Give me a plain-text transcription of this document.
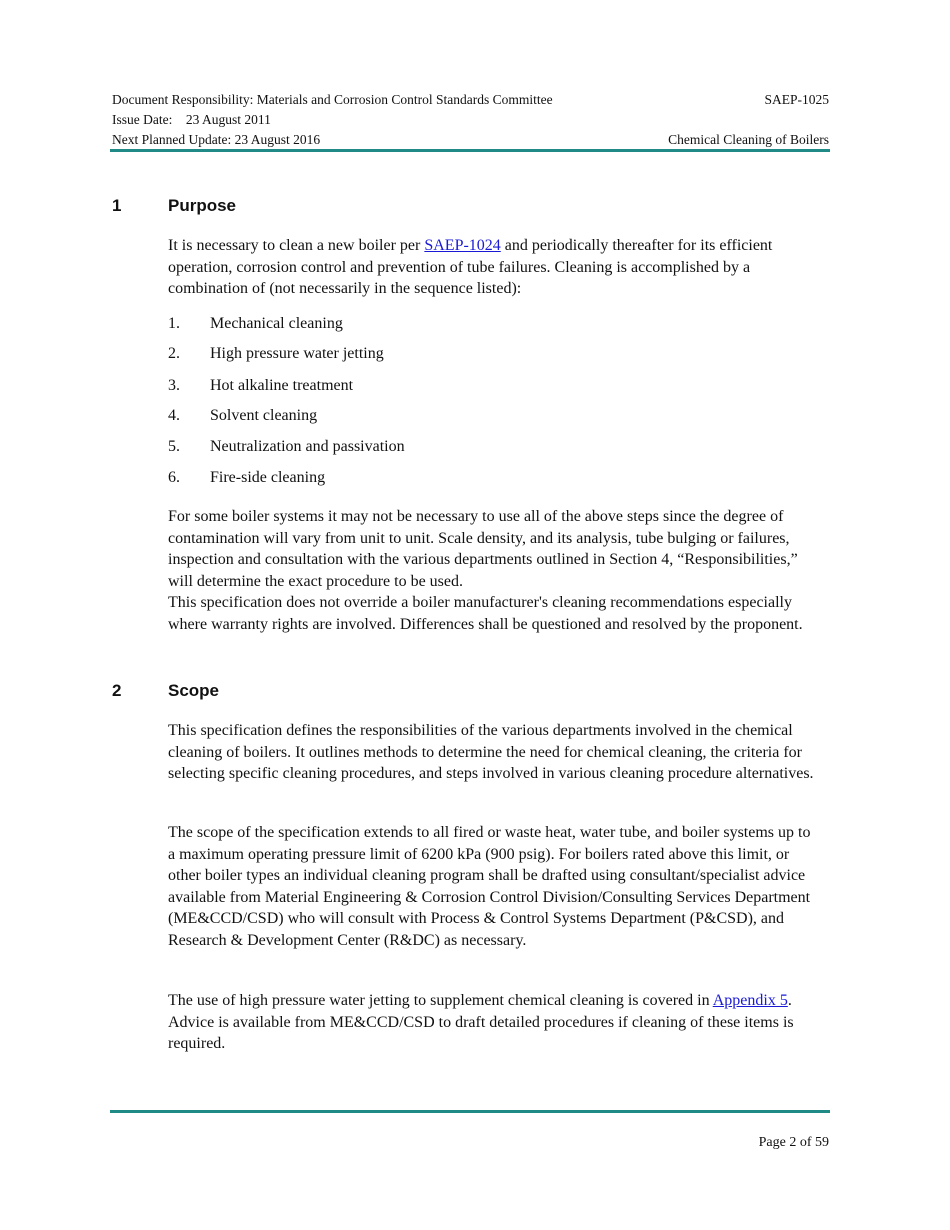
Document Responsibility: Materials and Corrosion Control Standards Committee	SAEP-1025
Issue Date:    23 August 2011
Next Planned Update: 23 August 2016	Chemical Cleaning of Boilers
1	Purpose
It is necessary to clean a new boiler per SAEP-1024 and periodically thereafter for its efficient operation, corrosion control and prevention of tube failures. Cleaning is accomplished by a combination of (not necessarily in the sequence listed):
1. Mechanical cleaning
2. High pressure water jetting
3. Hot alkaline treatment
4. Solvent cleaning
5. Neutralization and passivation
6. Fire-side cleaning
For some boiler systems it may not be necessary to use all of the above steps since the degree of contamination will vary from unit to unit. Scale density, and its analysis, tube bulging or failures, inspection and consultation with the various departments outlined in Section 4, “Responsibilities,” will determine the exact procedure to be used.
This specification does not override a boiler manufacturer's cleaning recommendations especially where warranty rights are involved. Differences shall be questioned and resolved by the proponent.
2	Scope
This specification defines the responsibilities of the various departments involved in the chemical cleaning of boilers. It outlines methods to determine the need for chemical cleaning, the criteria for selecting specific cleaning procedures, and steps involved in various cleaning procedure alternatives.
The scope of the specification extends to all fired or waste heat, water tube, and boiler systems up to a maximum operating pressure limit of 6200 kPa (900 psig). For boilers rated above this limit, or other boiler types an individual cleaning program shall be drafted using consultant/specialist advice available from Material Engineering & Corrosion Control Division/Consulting Services Department (ME&CCD/CSD) who will consult with Process & Control Systems Department (P&CSD), and Research & Development Center (R&DC) as necessary.
The use of high pressure water jetting to supplement chemical cleaning is covered in Appendix 5. Advice is available from ME&CCD/CSD to draft detailed procedures if cleaning of these items is required.
Page 2 of 59
